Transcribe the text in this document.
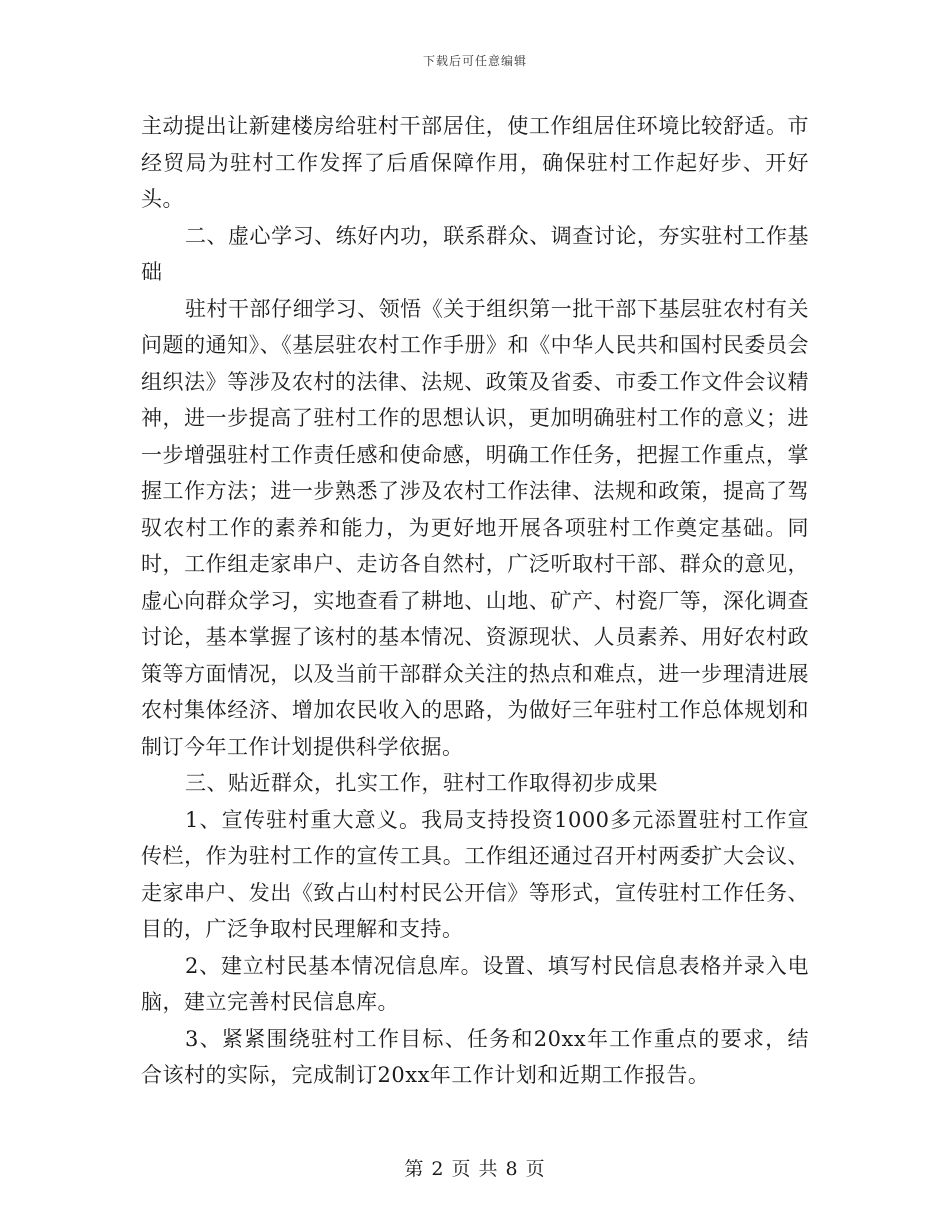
下载后可任意编辑

主动提出让新建楼房给驻村干部居住，使工作组居住环境比较舒适。市经贸局为驻村工作发挥了后盾保障作用，确保驻村工作起好步、开好头。

二、虚心学习、练好内功，联系群众、调查讨论，夯实驻村工作基础

驻村干部仔细学习、领悟《关于组织第一批干部下基层驻农村有关问题的通知》、《基层驻农村工作手册》和《中华人民共和国村民委员会组织法》等涉及农村的法律、法规、政策及省委、市委工作文件会议精神，进一步提高了驻村工作的思想认识，更加明确驻村工作的意义；进一步增强驻村工作责任感和使命感，明确工作任务，把握工作重点，掌握工作方法；进一步熟悉了涉及农村工作法律、法规和政策，提高了驾驭农村工作的素养和能力，为更好地开展各项驻村工作奠定基础。同时，工作组走家串户、走访各自然村，广泛听取村干部、群众的意见，虚心向群众学习，实地查看了耕地、山地、矿产、村瓷厂等，深化调查讨论，基本掌握了该村的基本情况、资源现状、人员素养、用好农村政策等方面情况，以及当前干部群众关注的热点和难点，进一步理清进展农村集体经济、增加农民收入的思路，为做好三年驻村工作总体规划和制订今年工作计划提供科学依据。

三、贴近群众，扎实工作，驻村工作取得初步成果

1、宣传驻村重大意义。我局支持投资1000多元添置驻村工作宣传栏，作为驻村工作的宣传工具。工作组还通过召开村两委扩大会议、走家串户、发出《致占山村村民公开信》等形式，宣传驻村工作任务、目的，广泛争取村民理解和支持。

2、建立村民基本情况信息库。设置、填写村民信息表格并录入电脑，建立完善村民信息库。

3、紧紧围绕驻村工作目标、任务和20xx年工作重点的要求，结合该村的实际，完成制订20xx年工作计划和近期工作报告。

第 2 页 共 8 页
